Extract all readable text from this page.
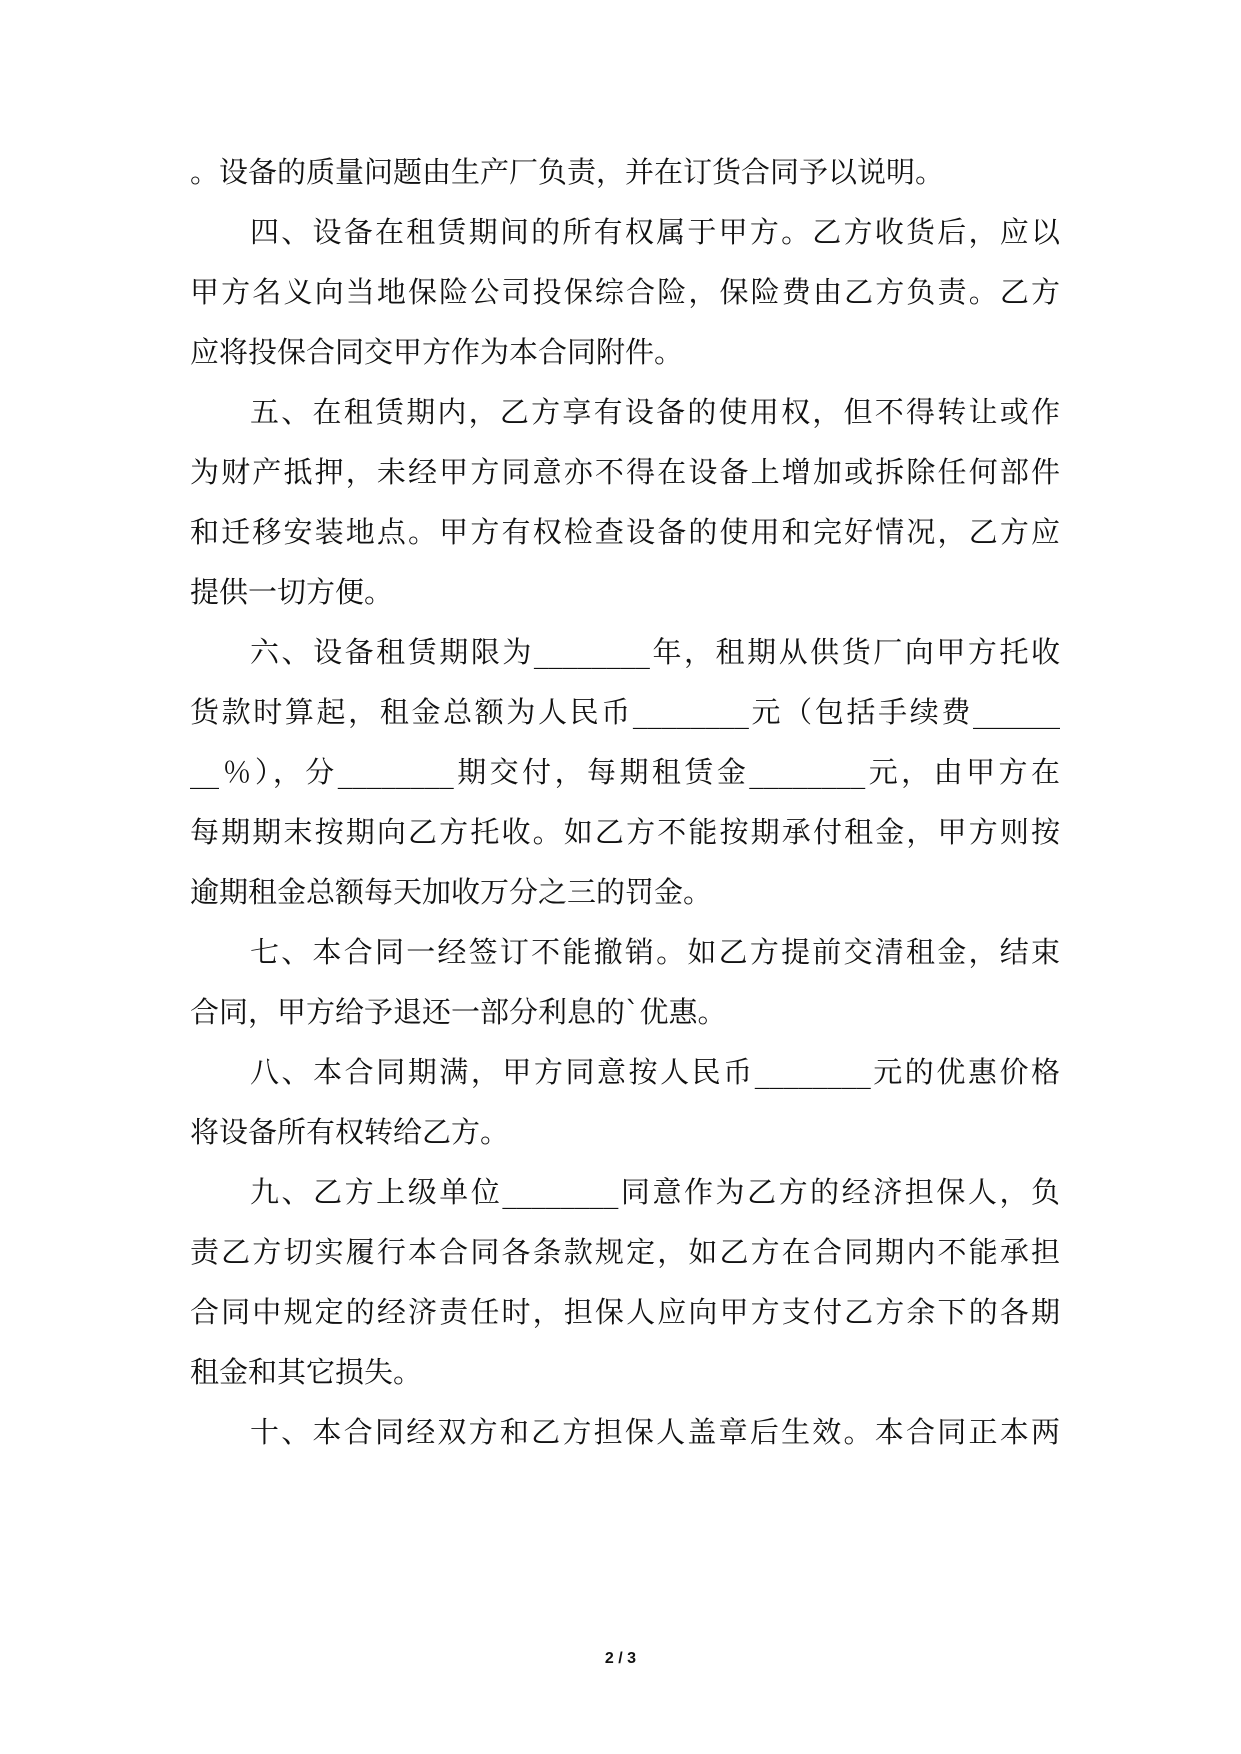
。设备的质量问题由生产厂负责，并在订货合同予以说明。
四、设备在租赁期间的所有权属于甲方。乙方收货后，应以
甲方名义向当地保险公司投保综合险，保险费由乙方负责。乙方
应将投保合同交甲方作为本合同附件。
五、在租赁期内，乙方享有设备的使用权，但不得转让或作
为财产抵押，未经甲方同意亦不得在设备上增加或拆除任何部件
和迁移安装地点。甲方有权检查设备的使用和完好情况，乙方应
提供一切方便。
六、设备租赁期限为________年，租期从供货厂向甲方托收
货款时算起，租金总额为人民币________元（包括手续费______
__％），分________期交付，每期租赁金________元，由甲方在
每期期末按期向乙方托收。如乙方不能按期承付租金，甲方则按
逾期租金总额每天加收万分之三的罚金。
七、本合同一经签订不能撤销。如乙方提前交清租金，结束
合同，甲方给予退还一部分利息的`优惠。
八、本合同期满，甲方同意按人民币________元的优惠价格
将设备所有权转给乙方。
九、乙方上级单位________同意作为乙方的经济担保人，负
责乙方切实履行本合同各条款规定，如乙方在合同期内不能承担
合同中规定的经济责任时，担保人应向甲方支付乙方余下的各期
租金和其它损失。
十、本合同经双方和乙方担保人盖章后生效。本合同正本两
2 / 3
